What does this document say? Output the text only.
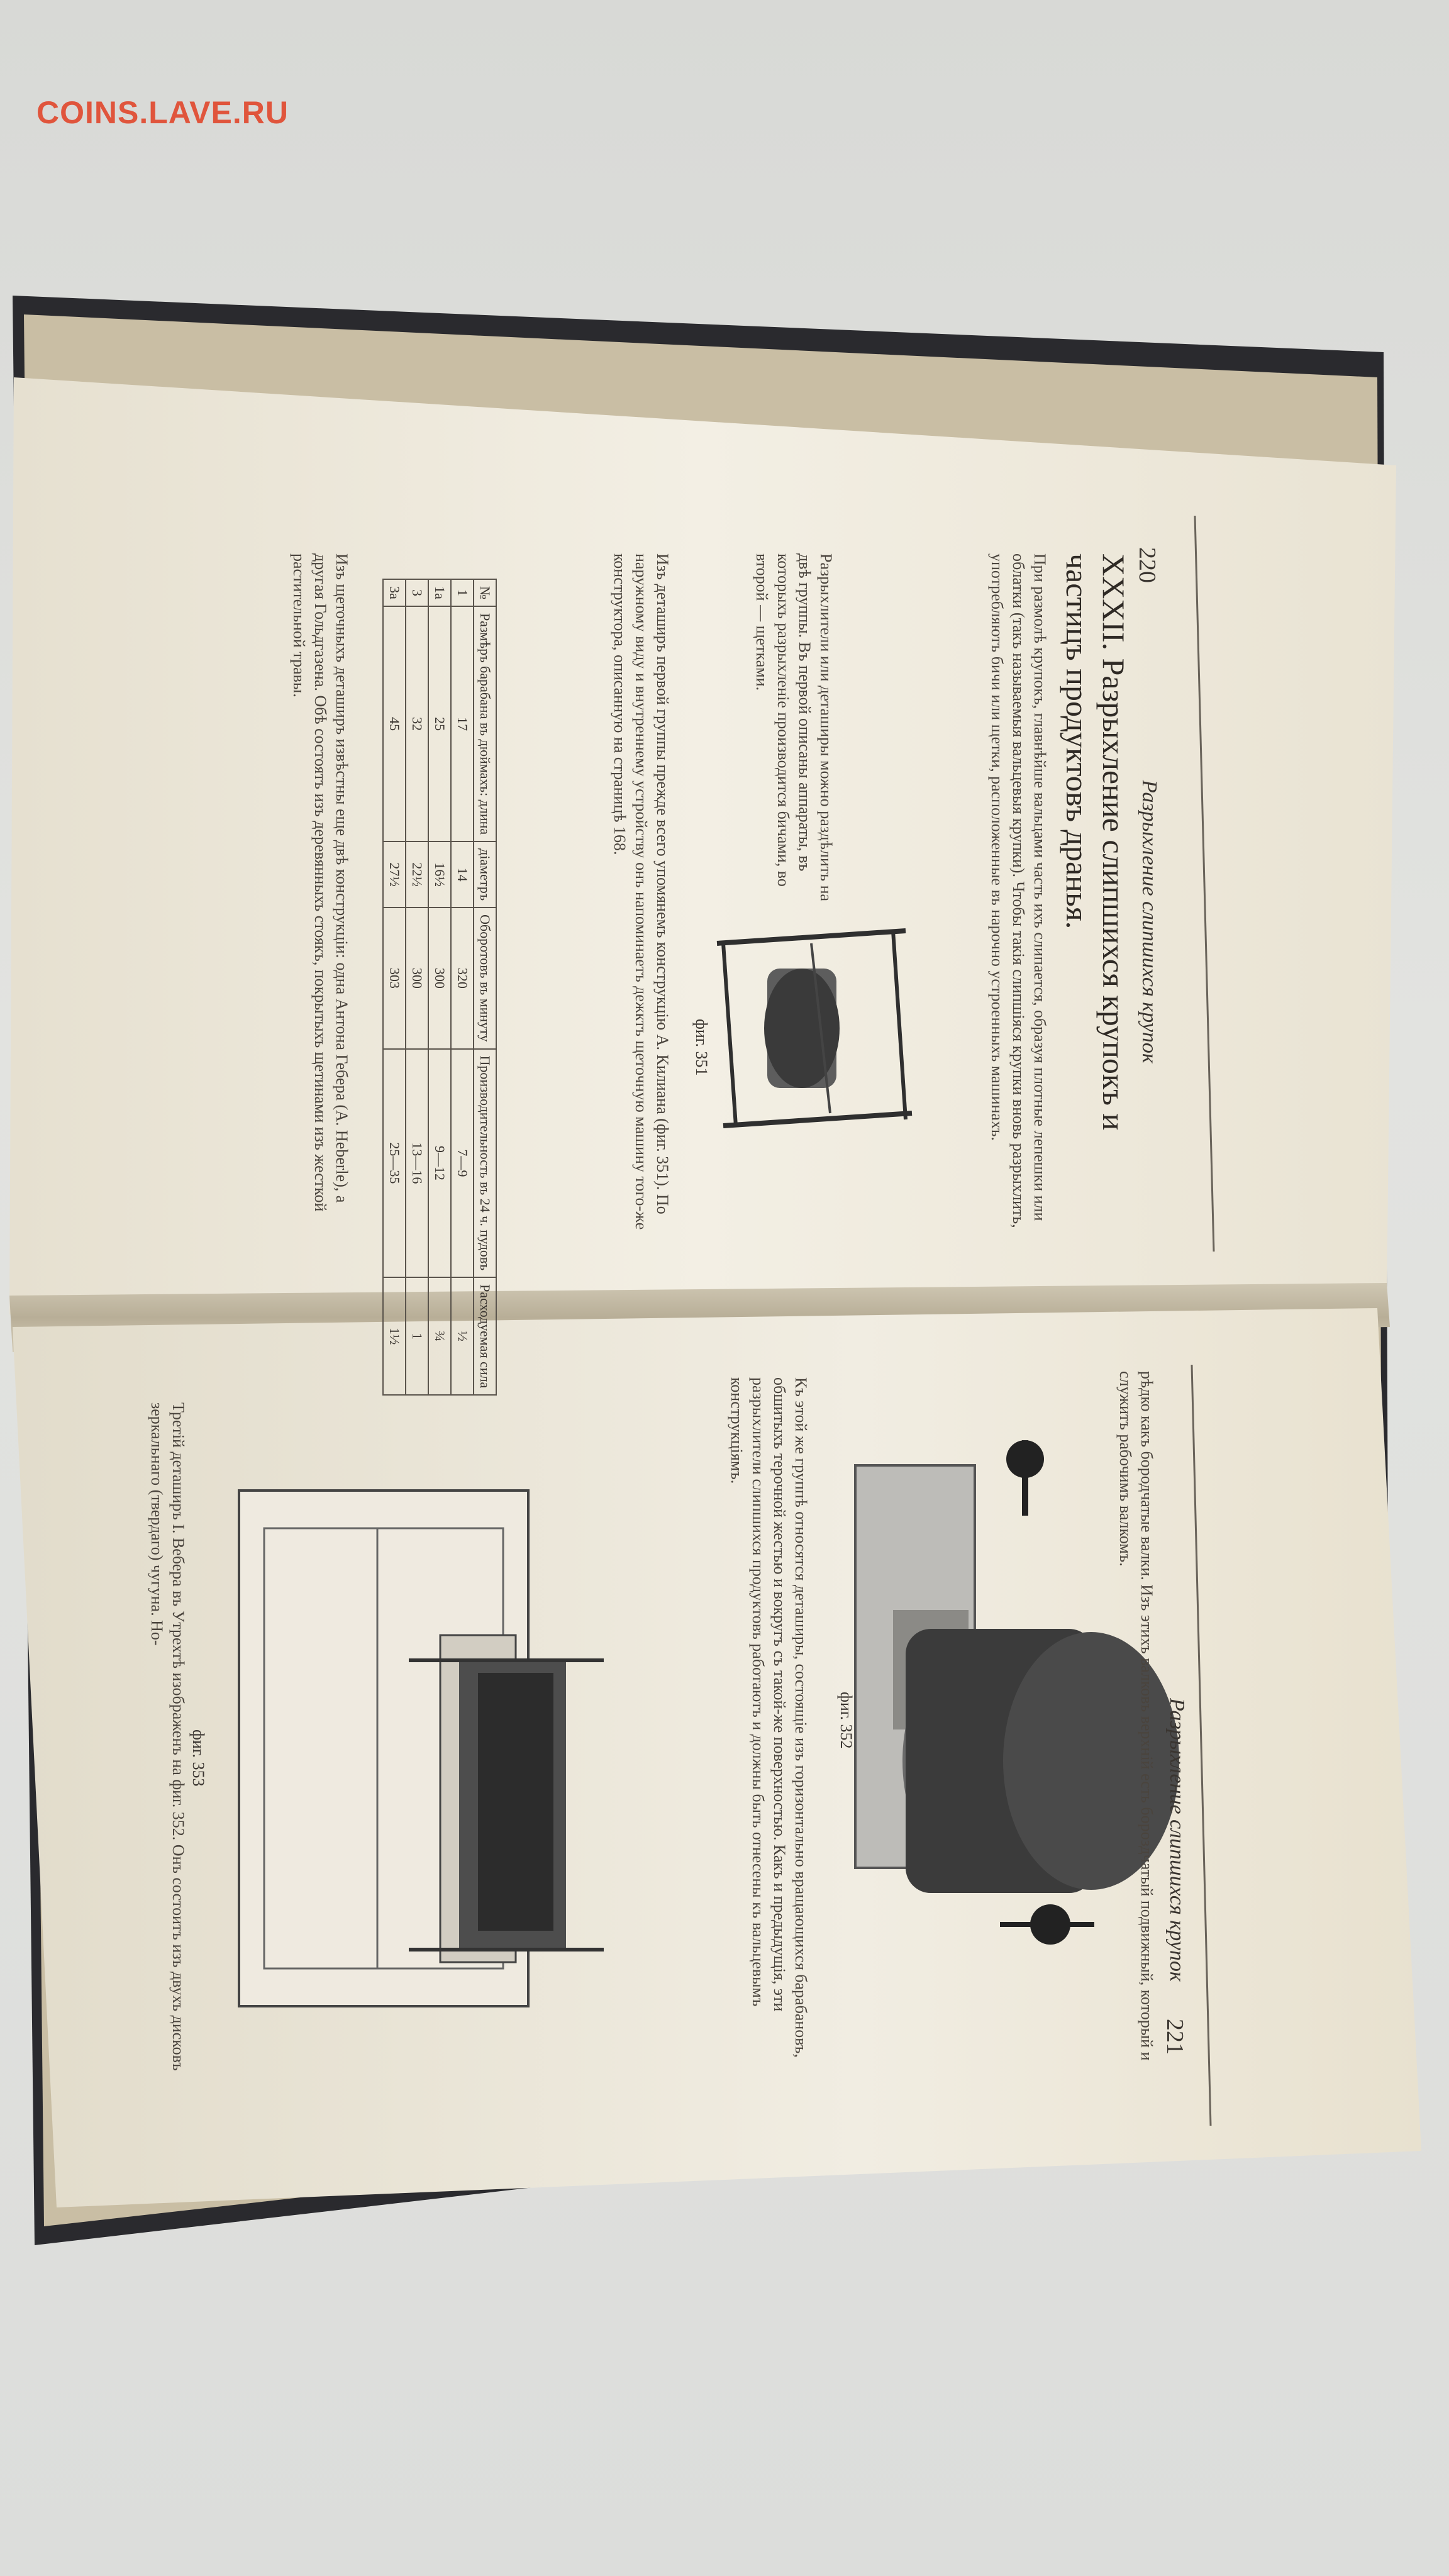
COINS.LAVE.RU
220
Разрыхление слипшихся крупок
XXXII. Разрыхление слипшихся крупокъ и частицъ продуктовъ дранья.
При размолѣ крупокъ, главнѣйше вальцами часть ихъ слипается, образуя плотные лепешки или облатки (такъ называемыя вальцевыя крупки). Чтобы такія слипшіяся крупки вновь разрыхлить, употребляютъ бичи или щетки, расположенные въ нарочно устроенныхъ машинахъ.
Разрыхлители или деташиры можно раздѣлить на двѣ группы. Въ первой описаны аппараты, въ которыхъ разрыхленіе производится бичами, во второй — щетками.
фиг. 351
Изъ деташиръ первой группы прежде всего упомянемъ конструкцію А. Килиана (фиг. 351). По наружному виду и внутреннему устройству онъ напоминаетъ дежктъ щеточную машину того-же конструктора, описанную на страницѣ 168.
№	Размѣръ барабана въ дюймахъ: длина	діаметръ	Оборотовъ въ минуту	Производительность въ 24 ч. пудовъ	Расходуемая сила
1	17	14	320	7—9	½
1a	25	16½	300	9—12	¾
3	32	22½	300	13—16	1
3a	45	27½	303	25—35	1½
Изъ щеточныхъ деташиръ извѣстны еще двѣ конструкціи: одна Антона Гебера (A. Heberle), а другая Гольдгазена. Обѣ состоятъ изъ деревянныхъ стоякъ, покрытыхъ щетинами изъ жесткой растительной травы.
221
Разрыхление слипшихся крупок
рѣдко какъ бородчатые валки. Изъ этихъ валковъ верхній есть бороздчатый подвижный, который и служитъ рабочимъ валкомъ.
фиг. 352
Къ этой же группѣ относятся деташиры, состоящіе изъ горизонтально вращающихся барабановъ, обшитыхъ терочной жестью и вокругъ съ такой-же поверхностью. Какъ и предыдущія, эти разрыхлители слипшихся продуктовъ работаютъ и должны быть отнесены къ вальцевымъ конструкціямъ.
фиг. 353
Третій деташиръ I. Вебера въ Утрехтѣ изображенъ на фиг. 352. Онъ состоитъ изъ двухъ дисковъ зеркальнаго (твердаго) чугуна. Но-
